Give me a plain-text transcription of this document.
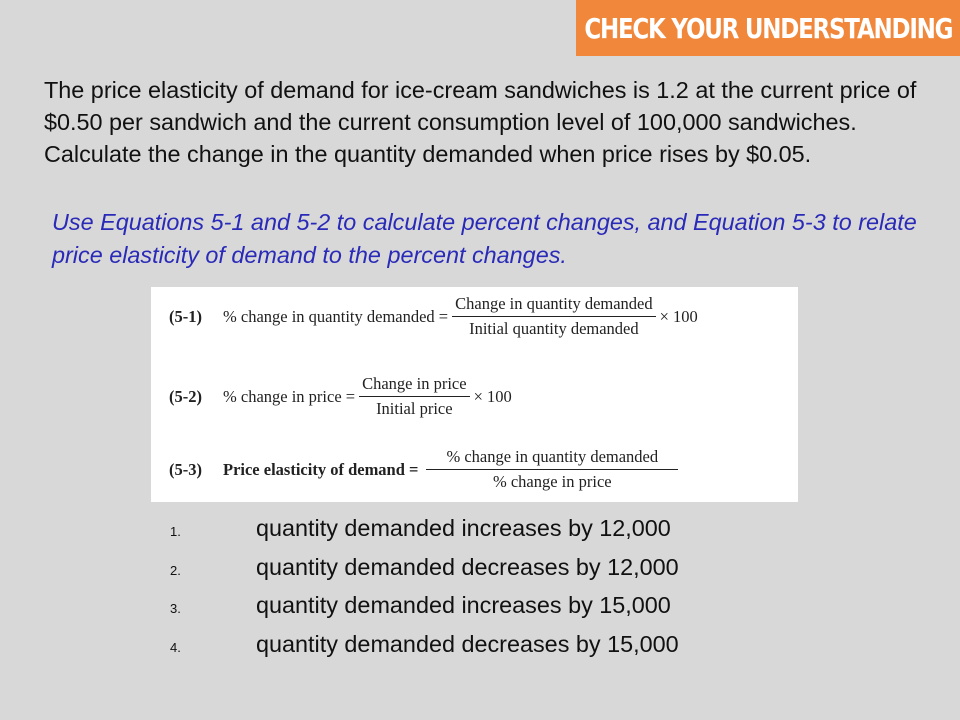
CHECK YOUR UNDERSTANDING

The price elasticity of demand for ice-cream sandwiches is 1.2 at the current price of $0.50 per sandwich and the current consumption level of 100,000 sandwiches. Calculate the change in the quantity demanded when price rises by $0.05.

Use Equations 5-1 and 5-2 to calculate percent changes, and Equation 5-3 to relate price elasticity of demand to the percent changes.

(5-1)	% change in quantity demanded = $\frac{\text{Change in quantity demanded}}{\text{Initial quantity demanded}} \times 100$
(5-2)	% change in price = $\frac{\text{Change in price}}{\text{Initial price}} \times 100$
(5-3)	Price elasticity of demand = $\frac{\text{\% change in quantity demanded}}{\text{\% change in price}}$
1.	quantity demanded increases by 12,000
2.	quantity demanded decreases by 12,000
3.	quantity demanded increases by 15,000
4.	quantity demanded decreases by 15,000
